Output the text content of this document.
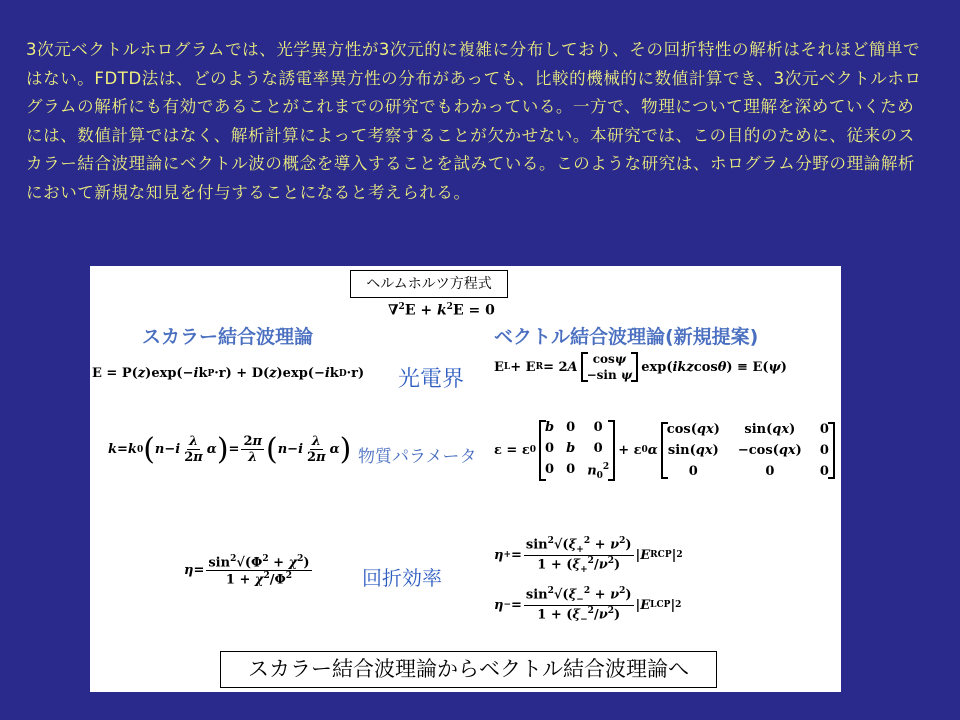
3次元ベクトルホログラムでは、光学異方性が3次元的に複雑に分布しており、その回折特性の解析はそれほど簡単ではない。FDTD法は、どのような誘電率異方性の分布があっても、比較的機械的に数値計算でき、3次元ベクトルホログラムの解析にも有効であることがこれまでの研究でもわかっている。一方で、物理について理解を深めていくためには、数値計算ではなく、解析計算によって考察することが欠かせない。本研究では、この目的のために、従来のスカラー結合波理論にベクトル波の概念を導入することを試みている。このような研究は、ホログラム分野の理論解析において新規な知見を付与することになると考えられる。
ヘルムホルツ方程式
$\nabla^2E + k^2E = 0$
スカラー結合波理論	ベクトル結合波理論(新規提案)
E = P( z )exp(− i k P ·r) + D( z )exp(− i k D ·r) 光電界 E L + E R = 2 A
cosψ
−sin ψ
exp( ikz cos θ ) ≡ E( ψ )
k = k 0 ( n − i $\frac{\lambda}{2\pi}$ α ) = $\frac{2\pi}{\lambda}$ ( n − i $\frac{\lambda}{2\pi}$ α ) 物質パラメータ ε = ε 0
b 0	0
0 b	0
0 0 $n_0^2$
+ ε 0 α
cos(qx)	sin(qx)	0
sin(qx) −cos(qx) 0
0	0	0
$\eta = \frac{\sin^2√(\Phi^2 + \chi^2)}{1 + \chi^2/\Phi^2}$	回折効率
η + = $\frac{\sin^2√(\xi_+^2 + \nu^2)}{1 + (\xi_+^2/\nu^2)}$ | E RCP | 2
η − = $\frac{\sin^2√(\xi_-^2 + \nu^2)}{1 + (\xi_-^2/\nu^2)}$ | E LCP | 2
スカラー結合波理論からベクトル結合波理論へ
